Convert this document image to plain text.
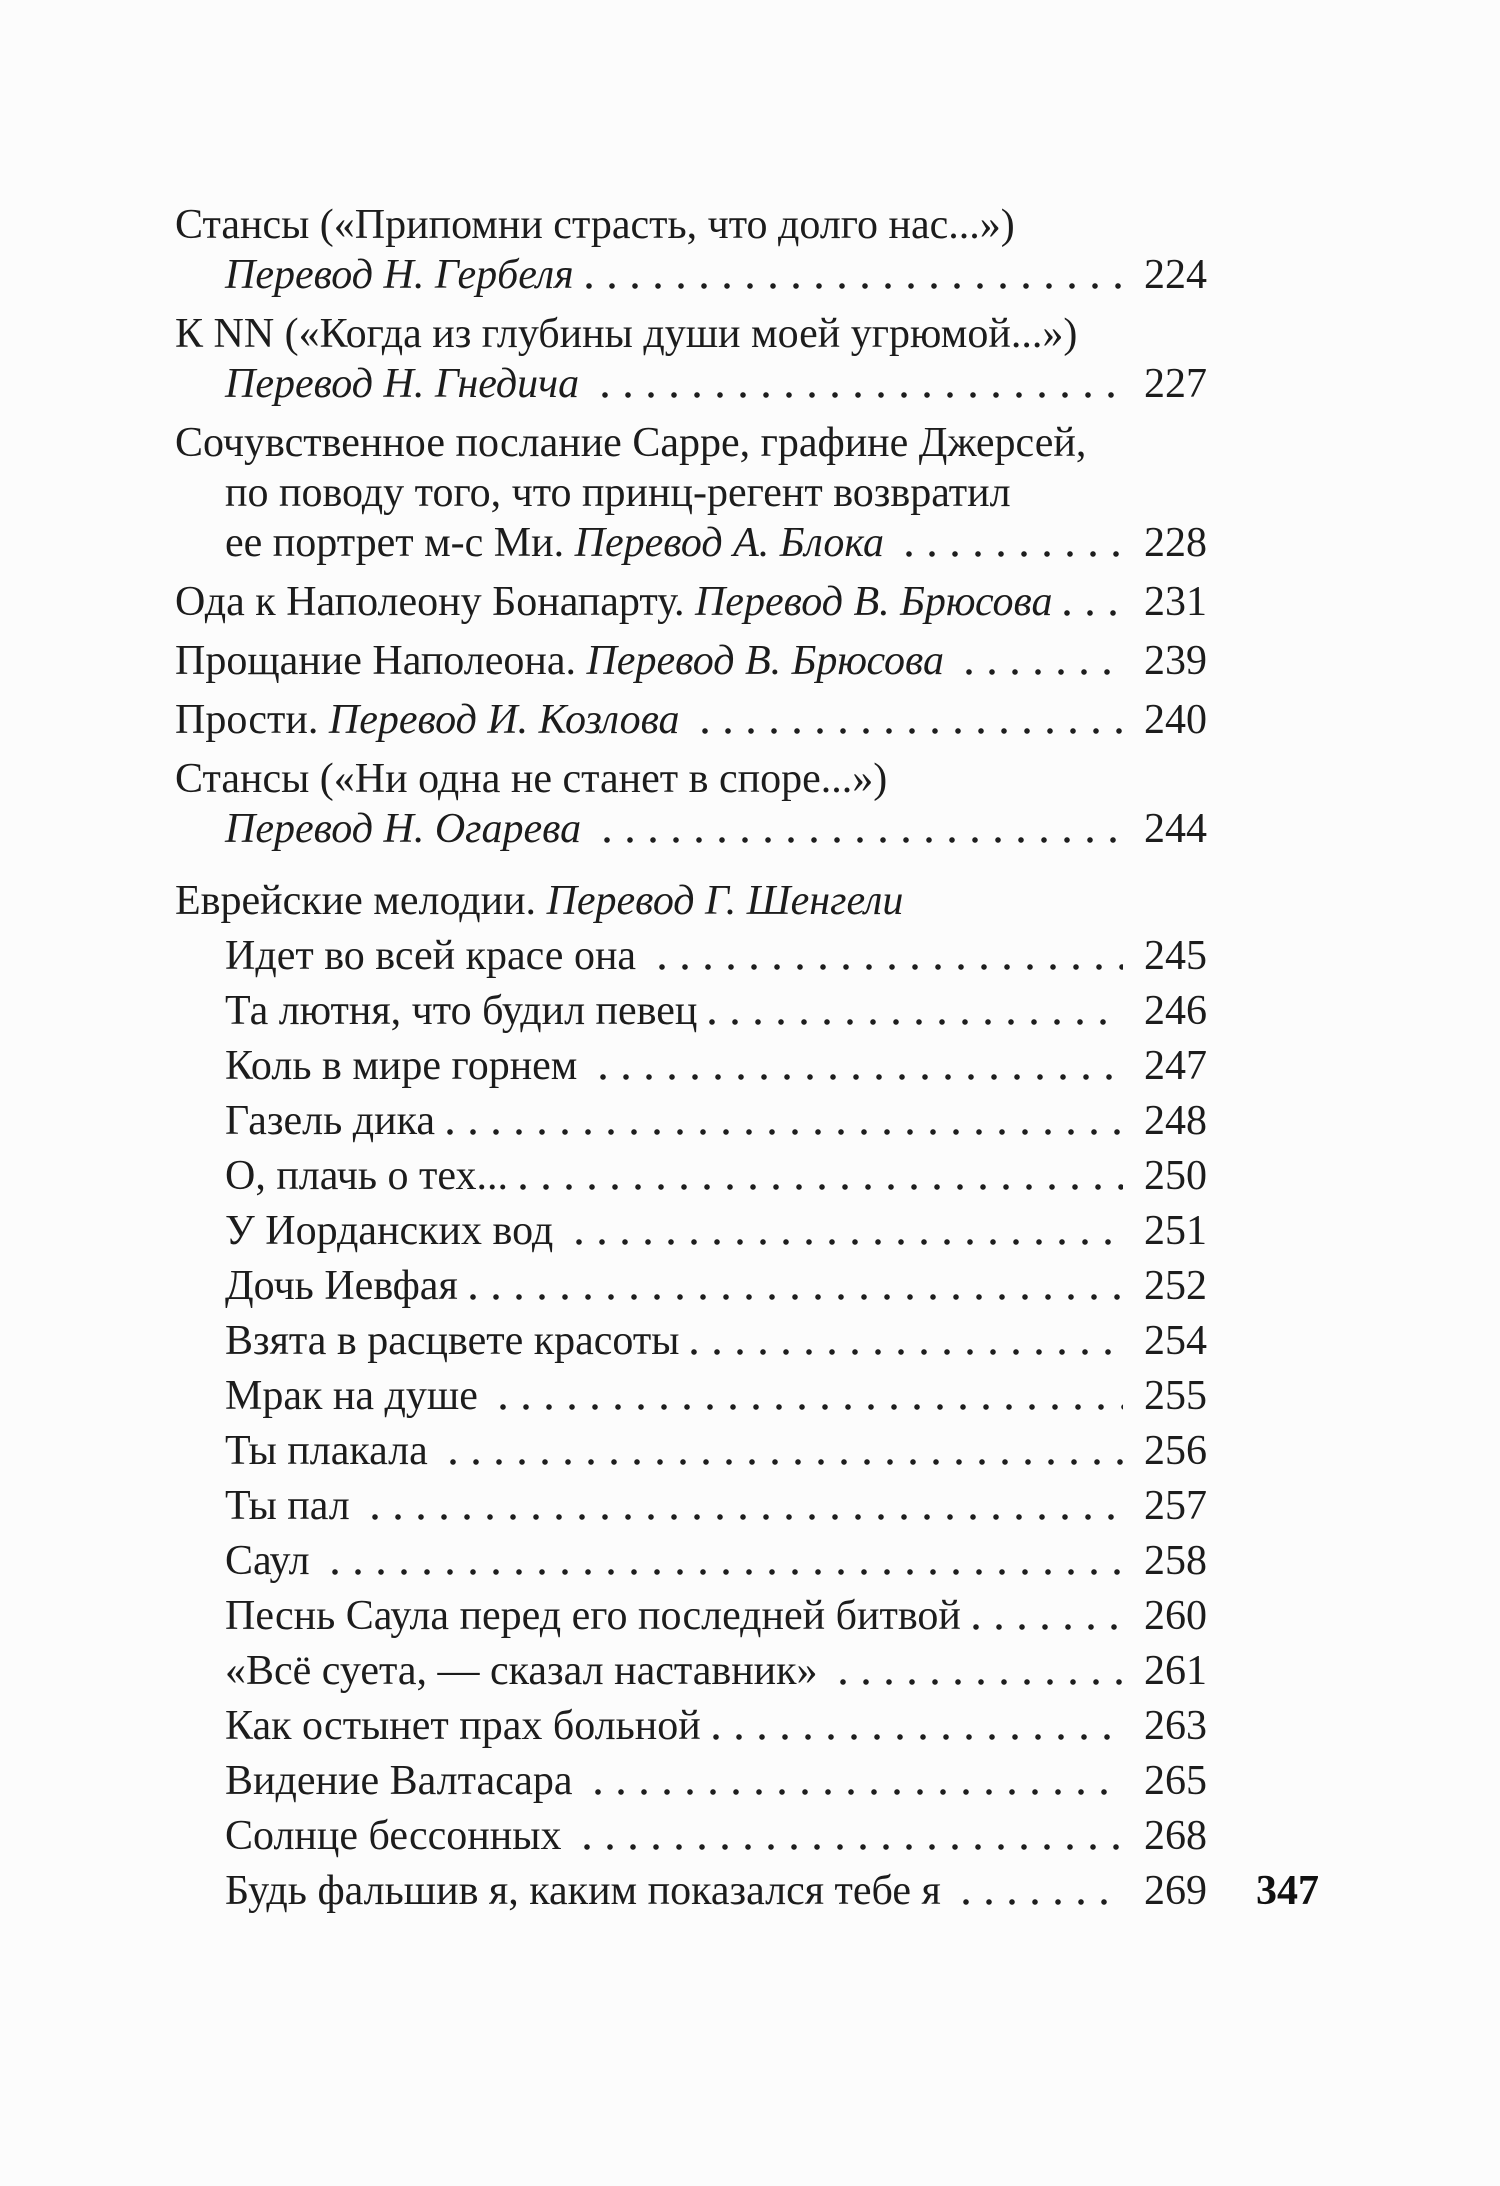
Стансы («Припомни страсть, что долго нас...»)
Перевод Н. Гербеля	224
К NN («Когда из глубины души моей угрюмой...»)
Перевод Н. Гнедича	227
Сочувственное послание Сарре, графине Джерсей,
по поводу того, что принц-регент возвратил
ее портрет м-с Ми. Перевод А. Блока	228
Ода к Наполеону Бонапарту. Перевод В. Брюсова	231
Прощание Наполеона. Перевод В. Брюсова	239
Прости. Перевод И. Козлова	240
Стансы («Ни одна не станет в споре...»)
Перевод Н. Огарева	244
Еврейские мелодии. Перевод Г. Шенгели
Идет во всей красе она	245
Та лютня, что будил певец	246
Коль в мире горнем	247
Газель дика	248
О, плачь о тех...	250
У Иорданских вод	251
Дочь Иевфая	252
Взята в расцвете красоты	254
Мрак на душе	255
Ты плакала	256
Ты пал	257
Саул	258
Песнь Саула перед его последней битвой	260
«Всё суета, — сказал наставник»	261
Как остынет прах больной	263
Видение Валтасара	265
Солнце бессонных	268
Будь фальшив я, каким показался тебе я	269 347
